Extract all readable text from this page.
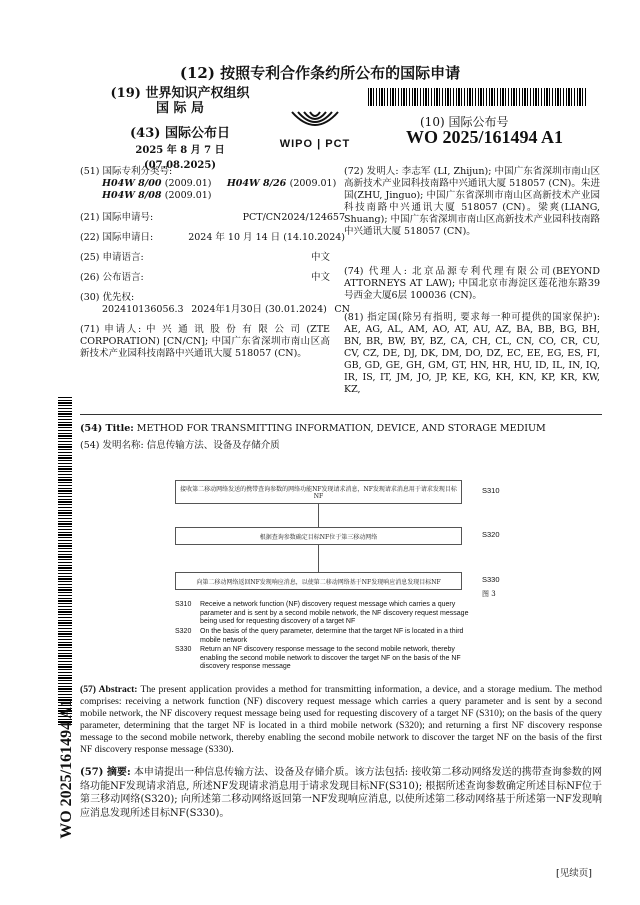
(12) 按照专利合作条约所公布的国际申请
(19) 世界知识产权组织
国 际 局
(43) 国际公布日
2025 年 8 月 7 日 (07.08.2025)
WIPO | PCT
(10) 国际公布号
WO 2025/161494 A1
WO 2025/161494 A1
(51) 国际专利分类号:
H04W 8/00 (2009.01) H04W 8/26 (2009.01)
H04W 8/08 (2009.01)
(21) 国际申请号:	PCT/CN2024/124657
(22) 国际申请日:	2024 年 10 月 14 日 (14.10.2024)
(25) 申请语言:	中文
(26) 公布语言:	中文
(30) 优先权:
202410136056.3 2024年1月30日 (30.01.2024) CN
(71) 申请人: 中 兴 通 讯 股 份 有 限 公 司 (ZTE CORPORATION) [CN/CN]; 中国广东省深圳市南山区高新技术产业园科技南路中兴通讯大厦 518057 (CN)。
(72) 发明人: 李志军 (LI, Zhijun); 中国广东省深圳市南山区高新技术产业园科技南路中兴通讯大厦 518057 (CN)。朱进国(ZHU, Jinguo); 中国广东省深圳市南山区高新技术产业园科技南路中兴通讯大厦 518057 (CN)。梁爽(LIANG, Shuang); 中国广东省深圳市南山区高新技术产业园科技南路中兴通讯大厦 518057 (CN)。
(74) 代理人: 北京品源专利代理有限公司(BEYOND ATTORNEYS AT LAW); 中国北京市海淀区莲花池东路39号西金大厦6层 100036 (CN)。
(81) 指定国(除另有指明, 要求每一种可提供的国家保护): AE, AG, AL, AM, AO, AT, AU, AZ, BA, BB, BG, BH, BN, BR, BW, BY, BZ, CA, CH, CL, CN, CO, CR, CU, CV, CZ, DE, DJ, DK, DM, DO, DZ, EC, EE, EG, ES, FI, GB, GD, GE, GH, GM, GT, HN, HR, HU, ID, IL, IN, IQ, IR, IS, IT, JM, JO, JP, KE, KG, KH, KN, KP, KR, KW, KZ,
(54) Title: METHOD FOR TRANSMITTING INFORMATION, DEVICE, AND STORAGE MEDIUM
(54) 发明名称: 信息传输方法、设备及存储介质
接收第二移动网络发送的携带查询参数的网络功能NF发现请求消息，NF发现请求消息用于请求发现目标NF
S310
根据查询参数确定目标NF位于第三移动网络	S320
向第二移动网络返回NF发现响应消息，以使第二移动网络基于NF发现响应消息发现目标NF	S330
图 3
S310 Receive a network function (NF) discovery request message which carries a query parameter and is sent by a second mobile network, the NF discovery request message being used for requesting discovery of a target NF
S320 On the basis of the query parameter, determine that the target NF is located in a third mobile network
S330 Return an NF discovery response message to the second mobile network, thereby enabling the second mobile network to discover the target NF on the basis of the NF discovery response message
(57) Abstract: The present application provides a method for transmitting information, a device, and a storage medium. The method comprises: receiving a network function (NF) discovery request message which carries a query parameter and is sent by a second mobile network, the NF discovery request message being used for requesting discovery of a target NF (S310); on the basis of the query parameter, determining that the target NF is located in a third mobile network (S320); and returning a first NF discovery response message to the second mobile network, thereby enabling the second mobile network to discover the target NF on the basis of the first NF discovery response message (S330).
(57) 摘要: 本申请提出一种信息传输方法、设备及存储介质。该方法包括: 接收第二移动网络发送的携带查询参数的网络功能NF发现请求消息, 所述NF发现请求消息用于请求发现目标NF(S310); 根据所述查询参数确定所述目标NF位于第三移动网络(S320); 向所述第二移动网络返回第一NF发现响应消息, 以使所述第二移动网络基于所述第一NF发现响应消息发现所述目标NF(S330)。
[见续页]
